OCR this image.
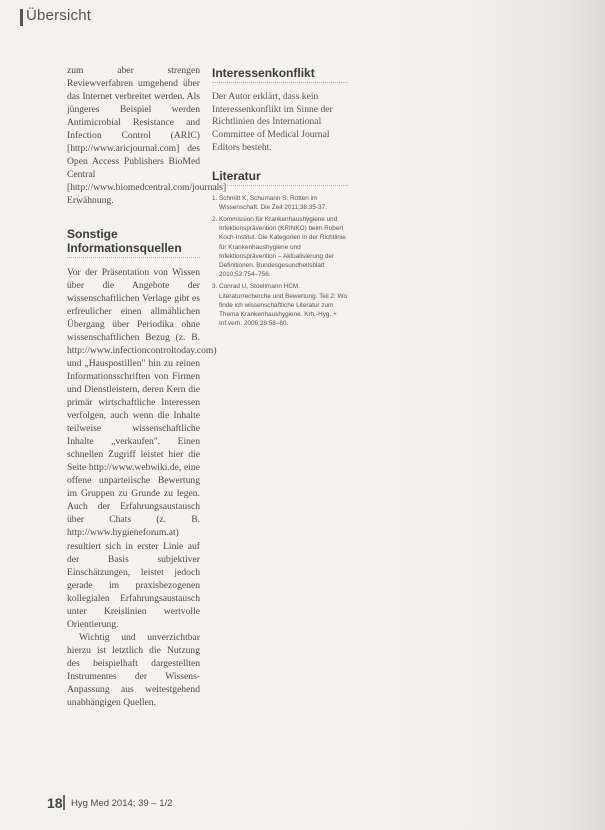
Übersicht

zum aber strengen Reviewverfahren umgehend über das Internet verbreitet werden. Als jüngeres Beispiel werden Antimicrobial Resistance and Infection Control (ARIC) [http://www.aricjournal.com] des Open Access Publishers BioMed Central [http://www.biomedcentral.com/journals] Erwähnung.

Sonstige Informationsquellen

Vor der Präsentation von Wissen über die Angebote der wissenschaftlichen Verlage gibt es erfreulicher einen allmählichen Übergang über Periodika ohne wissenschaftlichen Bezug (z. B. http://www.infectioncontroltoday.com) und „Hauspostillen" hin zu reinen Informationsschriften von Firmen und Dienstleistern, deren Kern die primär wirtschaftliche Interessen verfolgen, auch wenn die Inhalte teilweise wissenschaftliche Inhalte „verkaufen". Einen schnellen Zugriff leistet hier die Seite http://www.webwiki.de, eine offene unparteiische Bewertung im Gruppen zu Grunde zu legen. Auch der Erfahrungsaustausch über Chats (z. B. http://www.hygieneforum.at) resultiert sich in erster Linie auf der Basis subjektiver Einschätzungen, leistet jedoch gerade im praxisbezogenen kollegialen Erfahrungsaustausch unter Kreislinien wertvolle Orientierung.

Wichtig und unverzichtbar hierzu ist letztlich die Nutzung des beispielhaft dargestellten Instrumentes der Wissens-Anpassung aus weitestgehend unabhängigen Quellen.

Interessenkonflikt

Der Autor erklärt, dass kein Interessenkonflikt im Sinne der Richtlinien des International Committee of Medical Journal Editors besteht.

Literatur
1. Schmitt K, Schumann S. Rotten im Wissenschaft. Die Zeit 2011;38:35-37.
2. Kommission für Krankenhaushygiene und Infektionsprävention (KRINKO) beim Robert Koch-Institut. Die Kategorien in der Richtlinie für Krankenhaushygiene und Infektionsprävention – Aktualisierung der Definitionen. Bundesgesundheitsblatt 2010;53:754–756.
3. Conrad U, Stoellmann HCM. Literaturrecherche und Bewertung. Teil 2: Wo finde ich wissenschaftliche Literatur zum Thema Krankenhaushygiene. Krh.-Hyg. + Inf.verh. 2006;28:58–60.
18 Hyg Med 2014; 39 – 1/2
